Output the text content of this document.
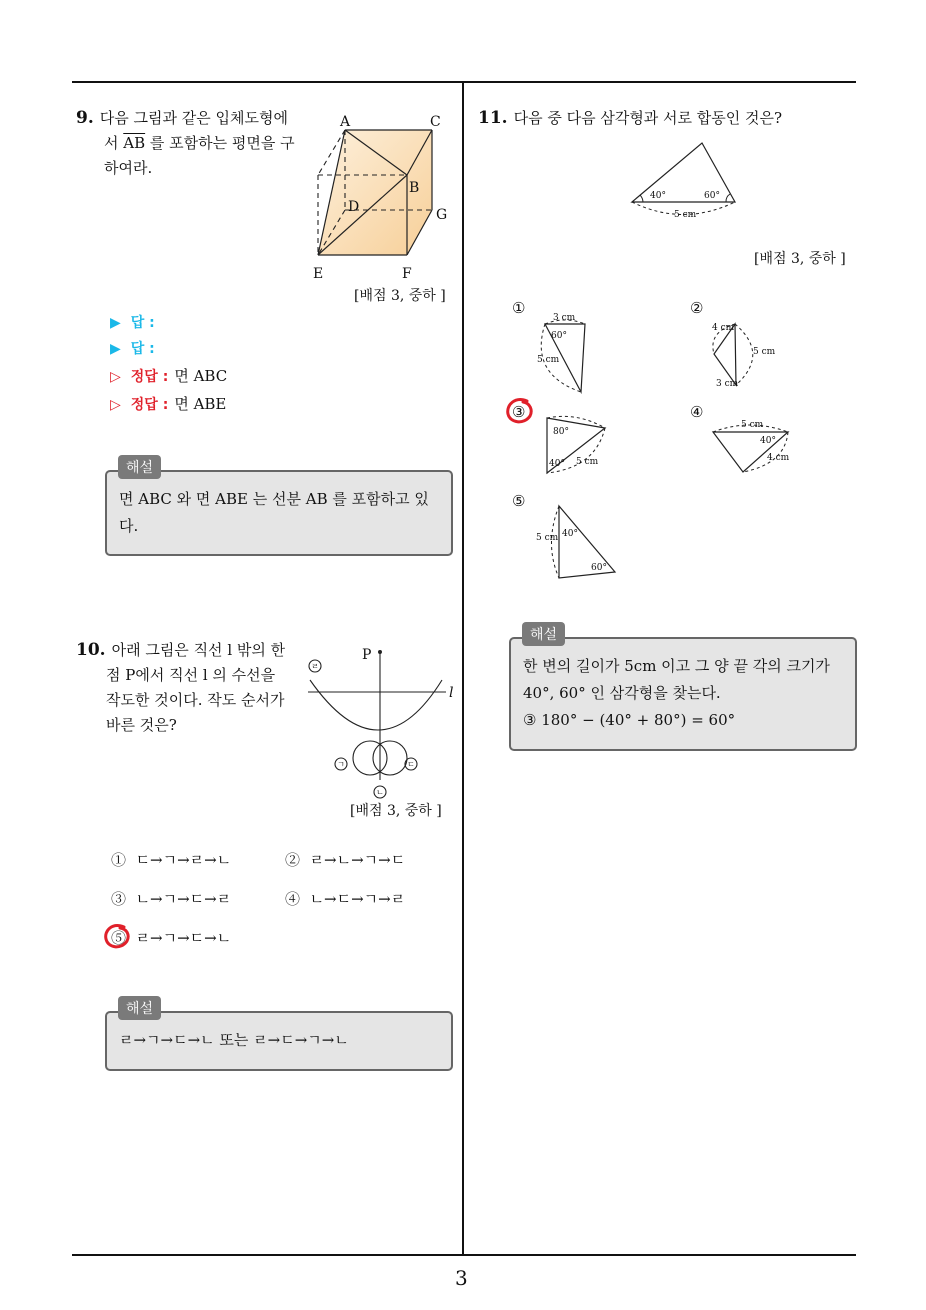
9. 다음 그림과 같은 입체도형에
서 $\overline{AB}$ 를 포함하는 평면을 구
하여라.
A	C
B
D	G
E	F
[배점 3, 중하 ]
▶ 답 :
▶ 답 :
▷ 정답 : 면 ABC
▷ 정답 : 면 ABE
면 ABC 와 면 ABE 는 선분 AB 를 포함하고 있
다.
해설
10. 아래 그림은 직선 l 밖의 한
점 P에서 직선 l 의 수선을
작도한 것이다. 작도 순서가
바른 것은?
P
l
ㄹ
ㄱ	ㄷ
ㄴ
[배점 3, 중하 ]
① ㄷ→ㄱ→ㄹ→ㄴ	② ㄹ→ㄴ→ㄱ→ㄷ
③ ㄴ→ㄱ→ㄷ→ㄹ	④ ㄴ→ㄷ→ㄱ→ㄹ
⑤ ㄹ→ㄱ→ㄷ→ㄴ
ㄹ→ㄱ→ㄷ→ㄴ 또는 ㄹ→ㄷ→ㄱ→ㄴ
해설
11. 다음 중 다음 삼각형과 서로 합동인 것은?
40°	60°
5 cm
[배점 3, 중하 ]
①
3 cm
60°
5 cm
②
4 cm
5 cm
3 cm
③
80°
40° 5 cm
④
5 cm
40°
4 cm
⑤
5 cm 40°
60°
한 변의 길이가 5cm 이고 그 양 끝 각의 크기가
40°, 60° 인 삼각형을 찾는다.
③ 180° − (40° + 80°) = 60°
해설
3
